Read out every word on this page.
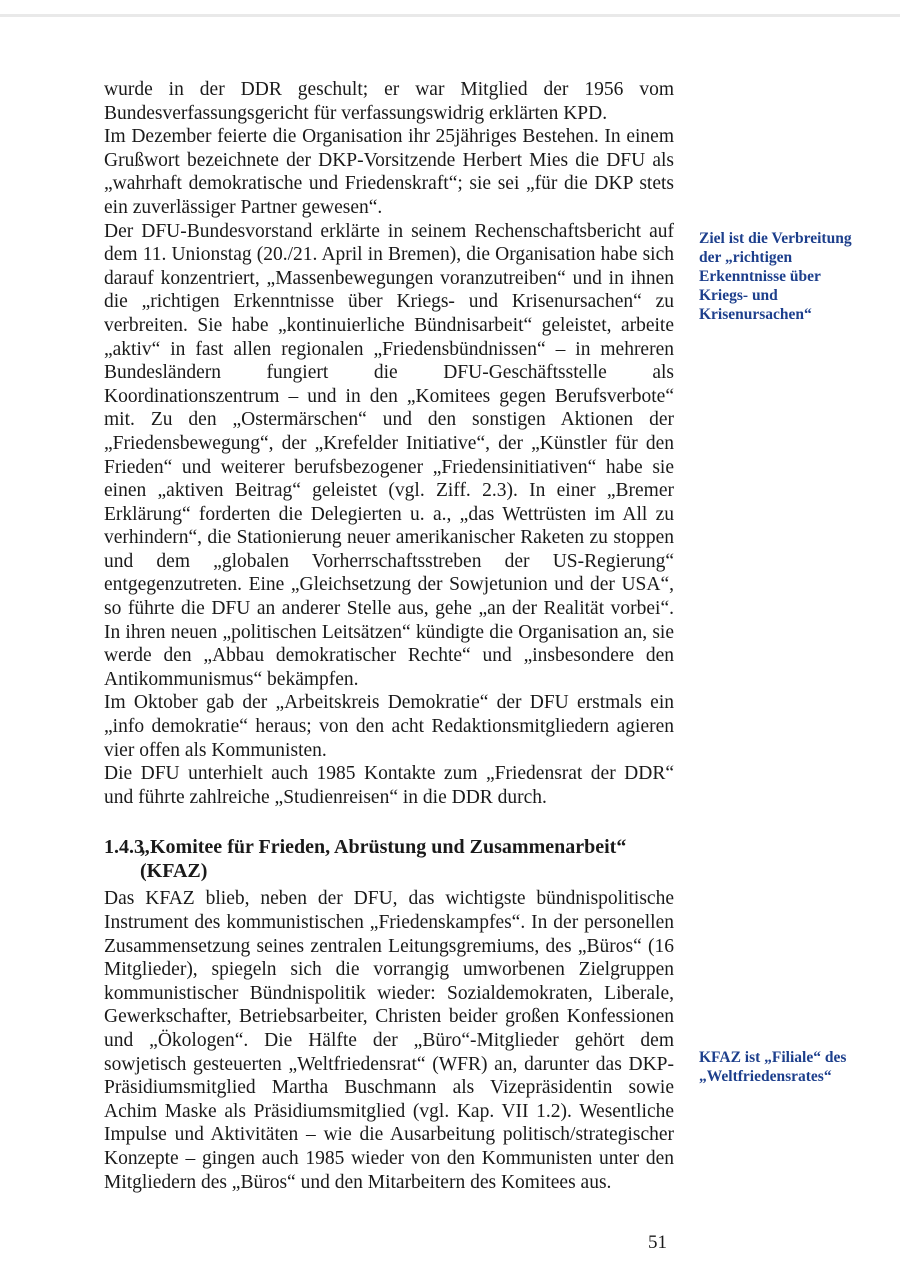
wurde in der DDR geschult; er war Mitglied der 1956 vom Bundesverfassungsgericht für verfassungswidrig erklärten KPD.

Im Dezember feierte die Organisation ihr 25jähriges Bestehen. In einem Grußwort bezeichnete der DKP-Vorsitzende Herbert Mies die DFU als „wahrhaft demokratische und Friedenskraft“; sie sei „für die DKP stets ein zuverlässiger Partner gewesen“.

Der DFU-Bundesvorstand erklärte in seinem Rechenschaftsbericht auf dem 11. Unionstag (20./21. April in Bremen), die Organisation habe sich darauf konzentriert, „Massenbewegungen voranzutreiben“ und in ihnen die „richtigen Erkenntnisse über Kriegs- und Krisenursachen“ zu verbreiten. Sie habe „kontinuierliche Bündnisarbeit“ geleistet, arbeite „aktiv“ in fast allen regionalen „Friedensbündnissen“ – in mehreren Bundesländern fungiert die DFU-Geschäftsstelle als Koordinationszentrum – und in den „Komitees gegen Berufsverbote“ mit. Zu den „Ostermärschen“ und den sonstigen Aktionen der „Friedensbewegung“, der „Krefelder Initiative“, der „Künstler für den Frieden“ und weiterer berufsbezogener „Friedensinitiativen“ habe sie einen „aktiven Beitrag“ geleistet (vgl. Ziff. 2.3). In einer „Bremer Erklärung“ forderten die Delegierten u. a., „das Wettrüsten im All zu verhindern“, die Stationierung neuer amerikanischer Raketen zu stoppen und dem „globalen Vorherrschaftsstreben der US-Regierung“ entgegenzutreten. Eine „Gleichsetzung der Sowjetunion und der USA“, so führte die DFU an anderer Stelle aus, gehe „an der Realität vorbei“. In ihren neuen „politischen Leitsätzen“ kündigte die Organisation an, sie werde den „Abbau demokratischer Rechte“ und „insbesondere den Antikommunismus“ bekämpfen.

Im Oktober gab der „Arbeitskreis Demokratie“ der DFU erstmals ein „info demokratie“ heraus; von den acht Redaktionsmitgliedern agieren vier offen als Kommunisten.

Die DFU unterhielt auch 1985 Kontakte zum „Friedensrat der DDR“ und führte zahlreiche „Studienreisen“ in die DDR durch.

1.4.3„Komitee für Frieden, Abrüstung und Zusammenarbeit“
(KFAZ)

Das KFAZ blieb, neben der DFU, das wichtigste bündnispolitische Instrument des kommunistischen „Friedenskampfes“. In der personellen Zusammensetzung seines zentralen Leitungsgremiums, des „Büros“ (16 Mitglieder), spiegeln sich die vorrangig umworbenen Zielgruppen kommunistischer Bündnispolitik wieder: Sozialdemokraten, Liberale, Gewerkschafter, Betriebsarbeiter, Christen beider großen Konfessionen und „Ökologen“. Die Hälfte der „Büro“-Mitglieder gehört dem sowjetisch gesteuerten „Weltfriedensrat“ (WFR) an, darunter das DKP-Präsidiumsmitglied Martha Buschmann als Vizepräsidentin sowie Achim Maske als Präsidiumsmitglied (vgl. Kap. VII 1.2). Wesentliche Impulse und Aktivitäten – wie die Ausarbeitung politisch/strategischer Konzepte – gingen auch 1985 wieder von den Kommunisten unter den Mitgliedern des „Büros“ und den Mitarbeitern des Komitees aus.

Ziel ist die Verbreitung der „richtigen Erkenntnisse über Kriegs- und Krisenursachen“
KFAZ ist „Filiale“ des „Weltfriedensrates“
51
